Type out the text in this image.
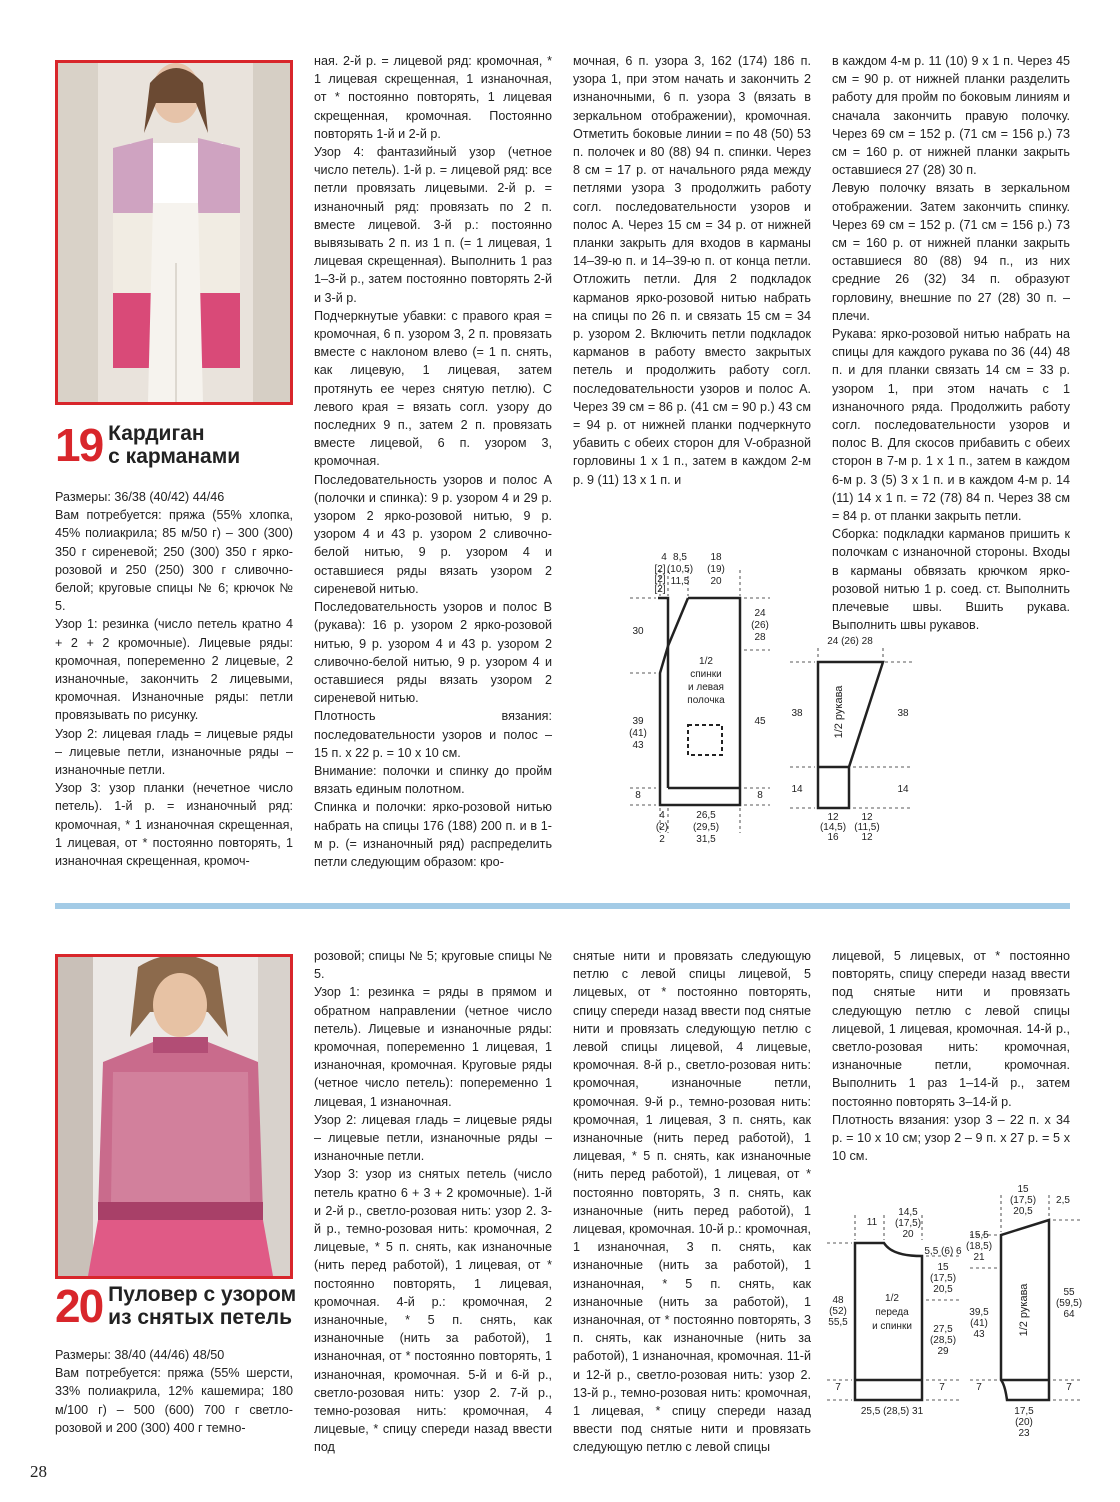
19 Кардиган
с карманами

Размеры: 36/38 (40/42) 44/46

Вам потребуется: пряжа (55% хлопка, 45% полиакрила; 85 м/50 г) – 300 (300) 350 г сиреневой; 250 (300) 350 г ярко-розовой и 250 (250) 300 г сливочно-белой; круговые спицы № 6; крючок № 5.

Узор 1: резинка (число петель кратно 4 + 2 + 2 кромочные). Лицевые ряды: кромочная, попеременно 2 лицевые, 2 изнаночные, закончить 2 лицевыми, кромочная. Изнаночные ряды: петли провязывать по рисунку.

Узор 2: лицевая гладь = лицевые ряды – лицевые петли, изнаночные ряды – изнаночные петли.

Узор 3: узор планки (нечетное число петель). 1-й р. = изнаночный ряд: кромочная, * 1 изнаночная скрещенная, 1 лицевая, от * постоянно повторять, 1 изнаночная скрещенная, кромоч-

ная. 2-й р. = лицевой ряд: кромочная, * 1 лицевая скрещенная, 1 изнаночная, от * постоянно повторять, 1 лицевая скрещенная, кромочная. Постоянно повторять 1-й и 2-й р.

Узор 4: фантазийный узор (четное число петель). 1-й р. = лицевой ряд: все петли провязать лицевыми. 2-й р. = изнаночный ряд: провязать по 2 п. вместе лицевой. 3-й р.: постоянно вывязывать 2 п. из 1 п. (= 1 лицевая, 1 лицевая скрещенная). Выполнить 1 раз 1–3-й р., затем постоянно повторять 2-й и 3-й р.

Подчеркнутые убавки: с правого края = кромочная, 6 п. узором 3, 2 п. провязать вместе с наклоном влево (= 1 п. снять, как лицевую, 1 лицевая, затем протянуть ее через снятую петлю). С левого края = вязать согл. узору до последних 9 п., затем 2 п. провязать вместе лицевой, 6 п. узором 3, кромочная.

Последовательность узоров и полос А (полочки и спинка): 9 р. узором 4 и 29 р. узором 2 ярко-розовой нитью, 9 р. узором 4 и 43 р. узором 2 сливочно-белой нитью, 9 р. узором 4 и оставшиеся ряды вязать узором 2 сиреневой нитью.

Последовательность узоров и полос В (рукава): 16 р. узором 2 ярко-розовой нитью, 9 р. узором 4 и 43 р. узором 2 сливочно-белой нитью, 9 р. узором 4 и оставшиеся ряды вязать узором 2 сиреневой нитью.

Плотность вязания: последовательности узоров и полос – 15 п. х 22 р. = 10 х 10 см.

Внимание: полочки и спинку до пройм вязать единым полотном.

Спинка и полочки: ярко-розовой нитью набрать на спицы 176 (188) 200 п. и в 1-м р. (= изнаночный ряд) распределить петли следующим образом: кро-

мочная, 6 п. узора 3, 162 (174) 186 п. узора 1, при этом начать и закончить 2 изнаночными, 6 п. узора 3 (вязать в зеркальном отображении), кромочная. Отметить боковые линии = по 48 (50) 53 п. полочек и 80 (88) 94 п. спинки. Через 8 см = 17 р. от начального ряда между петлями узора 3 продолжить работу согл. последовательности узоров и полос А. Через 15 см = 34 р. от нижней планки закрыть для входов в карманы 14–39-ю п. и 14–39-ю п. от конца петли. Отложить петли. Для 2 подкладок карманов ярко-розовой нитью набрать на спицы по 26 п. и связать 15 см = 34 р. узором 2. Включить петли подкладок карманов в работу вместо закрытых петель и продолжить работу согл. последовательности узоров и полос А. Через 39 см = 86 р. (41 см = 90 р.) 43 см = 94 р. от нижней планки подчеркнуто убавить с обеих сторон для V-образной горловины 1 х 1 п., затем в каждом 2-м р. 9 (11) 13 х 1 п. и

в каждом 4-м р. 11 (10) 9 х 1 п. Через 45 см = 90 р. от нижней планки разделить работу для пройм по боковым линиям и сначала закончить правую полочку. Через 69 см = 152 р. (71 см = 156 р.) 73 см = 160 р. от нижней планки закрыть оставшиеся 27 (28) 30 п.

Левую полочку вязать в зеркальном отображении. Затем закончить спинку. Через 69 см = 152 р. (71 см = 156 р.) 73 см = 160 р. от нижней планки закрыть оставшиеся 80 (88) 94 п., из них средние 26 (32) 34 п. образуют горловину, внешние по 27 (28) 30 п. – плечи.

Рукава: ярко-розовой нитью набрать на спицы для каждого рукава по 36 (44) 48 п. и для планки связать 14 см = 33 р. узором 1, при этом начать с 1 изнаночного ряда. Продолжить работу согл. последовательности узоров и полос В. Для скосов прибавить с обеих сторон в 7-м р. 1 х 1 п., затем в каждом 6-м р. 3 (5) 3 х 1 п. и в каждом 4-м р. 14 (11) 14 х 1 п. = 72 (78) 84 п. Через 38 см = 84 р. от планки закрыть петли.

Сборка: подкладки карманов пришить к полочкам с изнаночной стороны. Входы в карманы обвязать крючком ярко-розовой нитью 1 р. соед. ст. Выполнить плечевые швы. Вшить рукава. Выполнить швы рукавов.

4
[2]
[2]
[2]
8,5
(10,5)
11,5
18
(19)
20
24
(26)
28
30
39
(41)
43
45
8	8
1/2
спинки
и левая
полочка
4
(2)
2
26,5
(29,5)
31,5
24 (26) 28
38	38
14	14
12
(14,5)
16
12
(11,5)
12
1/2 рукава
20 Пуловер с узором
из снятых петель

Размеры: 38/40 (44/46) 48/50

Вам потребуется: пряжа (55% шерсти, 33% полиакрила, 12% кашемира; 180 м/100 г) – 500 (600) 700 г светло-розовой и 200 (300) 400 г темно-

розовой; спицы № 5; круговые спицы № 5.

Узор 1: резинка = ряды в прямом и обратном направлении (четное число петель). Лицевые и изнаночные ряды: кромочная, попеременно 1 лицевая, 1 изнаночная, кромочная. Круговые ряды (четное число петель): попеременно 1 лицевая, 1 изнаночная.

Узор 2: лицевая гладь = лицевые ряды – лицевые петли, изнаночные ряды – изнаночные петли.

Узор 3: узор из снятых петель (число петель кратно 6 + 3 + 2 кромочные). 1-й и 2-й р., светло-розовая нить: узор 2. 3-й р., темно-розовая нить: кромочная, 2 лицевые, * 5 п. снять, как изнаночные (нить перед работой), 1 лицевая, от * постоянно повторять, 1 лицевая, кромочная. 4-й р.: кромочная, 2 изнаночные, * 5 п. снять, как изнаночные (нить за работой), 1 изнаночная, от * постоянно повторять, 1 изнаночная, кромочная. 5-й и 6-й р., светло-розовая нить: узор 2. 7-й р., темно-розовая нить: кромочная, 4 лицевые, * спицу спереди назад ввести под

снятые нити и провязать следующую петлю с левой спицы лицевой, 5 лицевых, от * постоянно повторять, спицу спереди назад ввести под снятые нити и провязать следующую петлю с левой спицы лицевой, 4 лицевые, кромочная. 8-й р., светло-розовая нить: кромочная, изнаночные петли, кромочная. 9-й р., темно-розовая нить: кромочная, 1 лицевая, 3 п. снять, как изнаночные (нить перед работой), 1 лицевая, * 5 п. снять, как изнаночные (нить перед работой), 1 лицевая, от * постоянно повторять, 3 п. снять, как изнаночные (нить перед работой), 1 лицевая, кромочная. 10-й р.: кромочная, 1 изнаночная, 3 п. снять, как изнаночные (нить за работой), 1 изнаночная, * 5 п. снять, как изнаночные (нить за работой), 1 изнаночная, от * постоянно повторять, 3 п. снять, как изнаночные (нить за работой), 1 изнаночная, кромочная. 11-й и 12-й р., светло-розовая нить: узор 2. 13-й р., темно-розовая нить: кромочная, 1 лицевая, * спицу спереди назад ввести под снятые нити и провязать следующую петлю с левой спицы

лицевой, 5 лицевых, от * постоянно повторять, спицу спереди назад ввести под снятые нити и провязать следующую петлю с левой спицы лицевой, 1 лицевая, кромочная. 14-й р., светло-розовая нить: кромочная, изнаночные петли, кромочная. Выполнить 1 раз 1–14-й р., затем постоянно повторять 3–14-й р.

Плотность вязания: узор 3 – 22 п. х 34 р. = 10 х 10 см; узор 2 – 9 п. х 27 р. = 5 х 10 см.

11
14,5
(17,5)
20
5,5 (6) 6
15
(17,5)
20,5
27,5
(28,5)
29
48
(52)
55,5
7	7
1/2
переда
и спинки
25,5 (28,5) 31
15
(17,5)
20,5
2,5
15,5
(18,5)
21
39,5
(41)
43
55
(59,5)
64
7	7
17,5
(20)
23
1/2 рукава
28
